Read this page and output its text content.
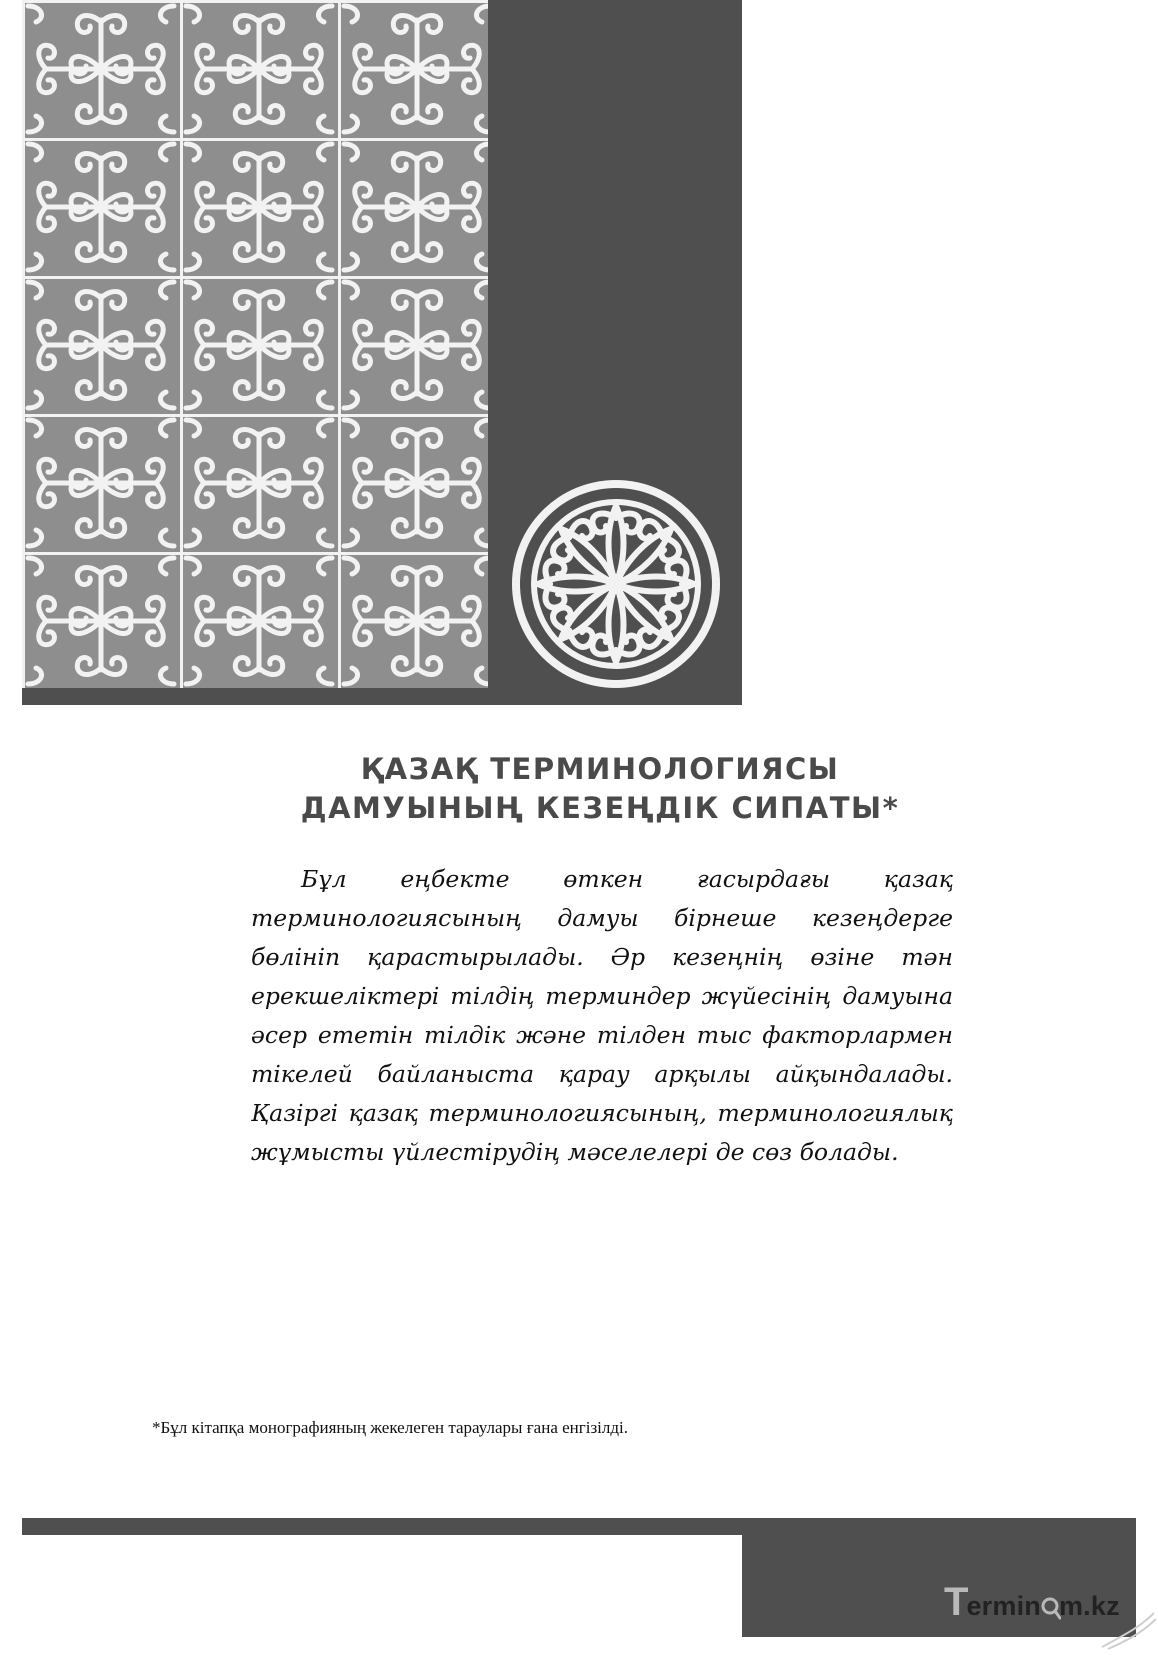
ҚАЗАҚ ТЕРМИНОЛОГИЯСЫ
ДАМУЫНЫҢ КЕЗЕҢДІК СИПАТЫ*

Бұл еңбекте өткен ғасырдағы қазақ терминологиясының дамуы бірнеше кезеңдерге бөлініп қарастырылады. Әр кезеңнің өзіне тән ерекшеліктері тілдің терминдер жүйесінің дамуына әсер ететін тілдік және тілден тыс факторлармен тікелей байланыста қарау арқылы айқындалады. Қазіргі қазақ терминологиясының, терминологиялық жұмысты үйлестірудің мәселелері де сөз болады.

*Бұл кітапқа монографияның жекелеген тараулары ғана енгізілді.

T
ermin m.kz
